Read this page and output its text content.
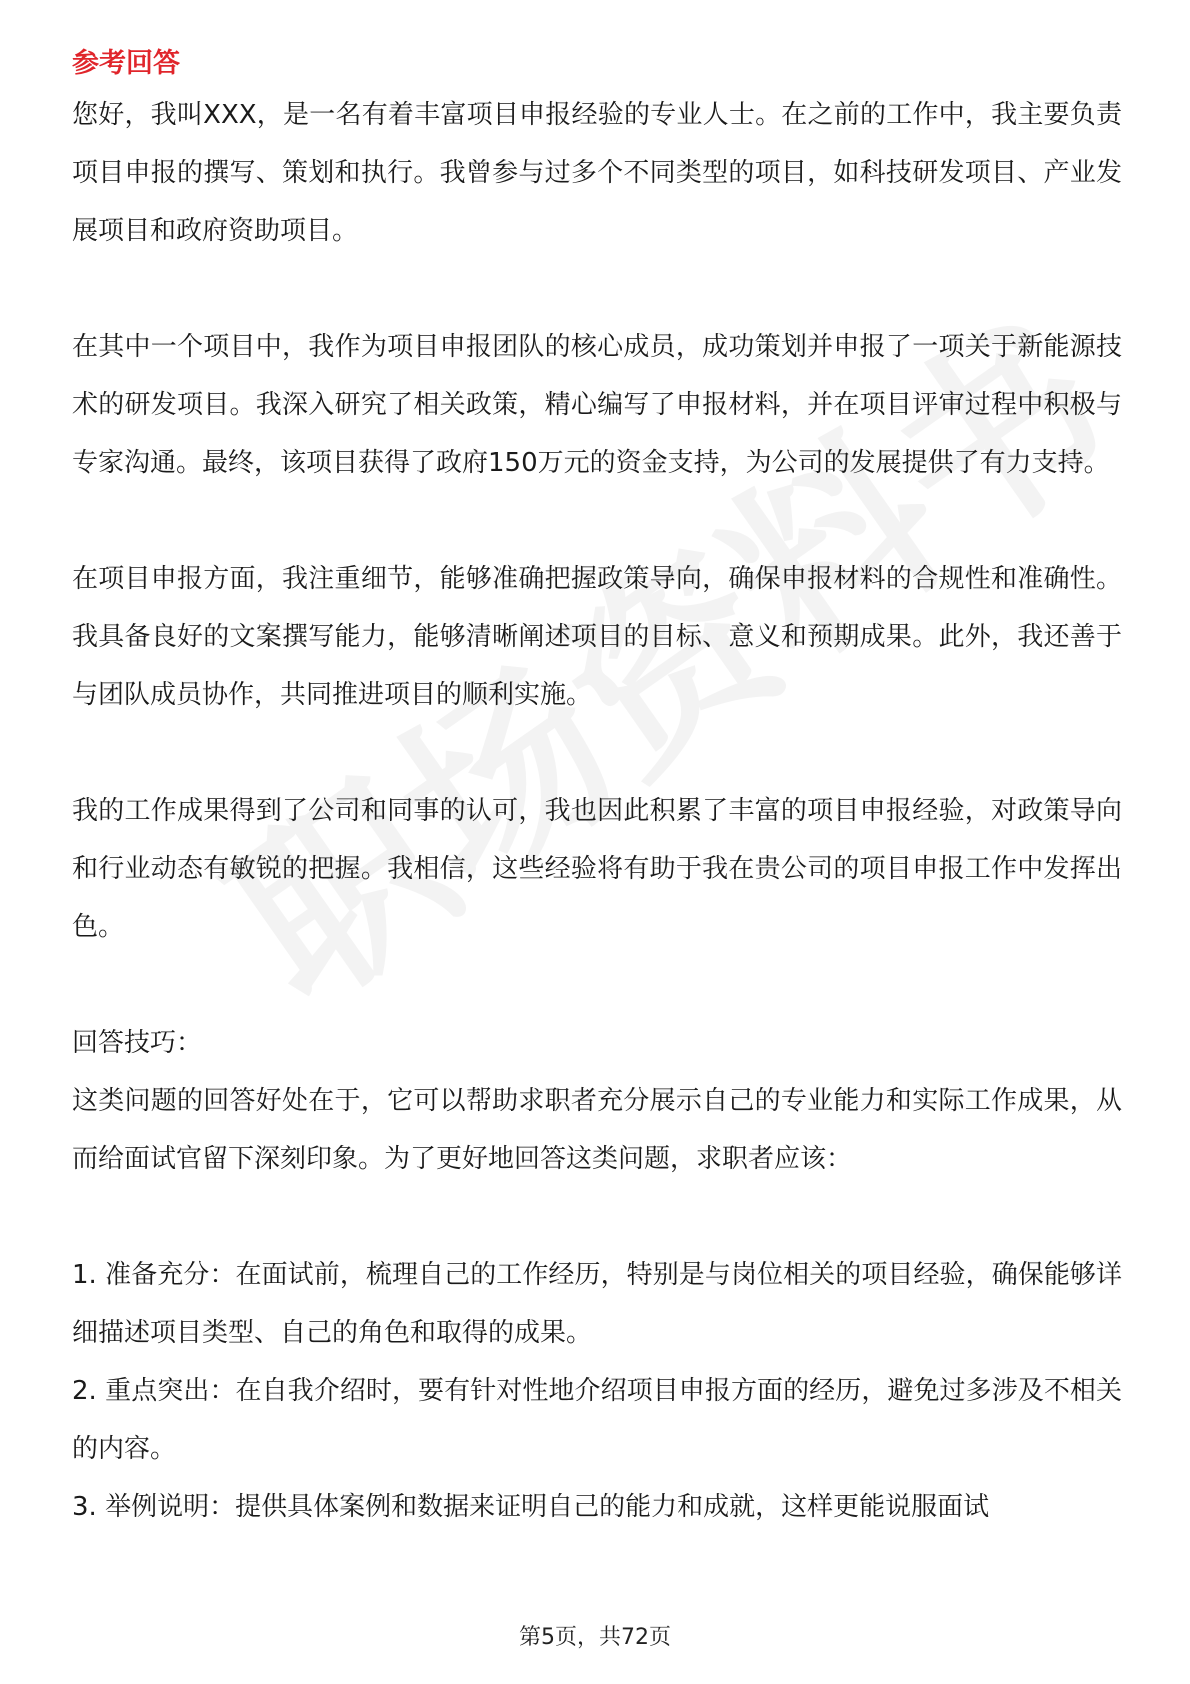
参考回答

您好，我叫XXX，是一名有着丰富项目申报经验的专业人士。在之前的工作中，我主要负责项目申报的撰写、策划和执行。我曾参与过多个不同类型的项目，如科技研发项目、产业发展项目和政府资助项目。

在其中一个项目中，我作为项目申报团队的核心成员，成功策划并申报了一项关于新能源技术的研发项目。我深入研究了相关政策，精心编写了申报材料，并在项目评审过程中积极与专家沟通。最终，该项目获得了政府150万元的资金支持，为公司的发展提供了有力支持。

在项目申报方面，我注重细节，能够准确把握政策导向，确保申报材料的合规性和准确性。我具备良好的文案撰写能力，能够清晰阐述项目的目标、意义和预期成果。此外，我还善于与团队成员协作，共同推进项目的顺利实施。

我的工作成果得到了公司和同事的认可，我也因此积累了丰富的项目申报经验，对政策导向和行业动态有敏锐的把握。我相信，这些经验将有助于我在贵公司的项目申报工作中发挥出色。

回答技巧：

这类问题的回答好处在于，它可以帮助求职者充分展示自己的专业能力和实际工作成果，从而给面试官留下深刻印象。为了更好地回答这类问题，求职者应该：

1. 准备充分：在面试前，梳理自己的工作经历，特别是与岗位相关的项目经验，确保能够详细描述项目类型、自己的角色和取得的成果。

2. 重点突出：在自我介绍时，要有针对性地介绍项目申报方面的经历，避免过多涉及不相关的内容。

3. 举例说明：提供具体案例和数据来证明自己的能力和成就，这样更能说服面试

第5页，共72页
